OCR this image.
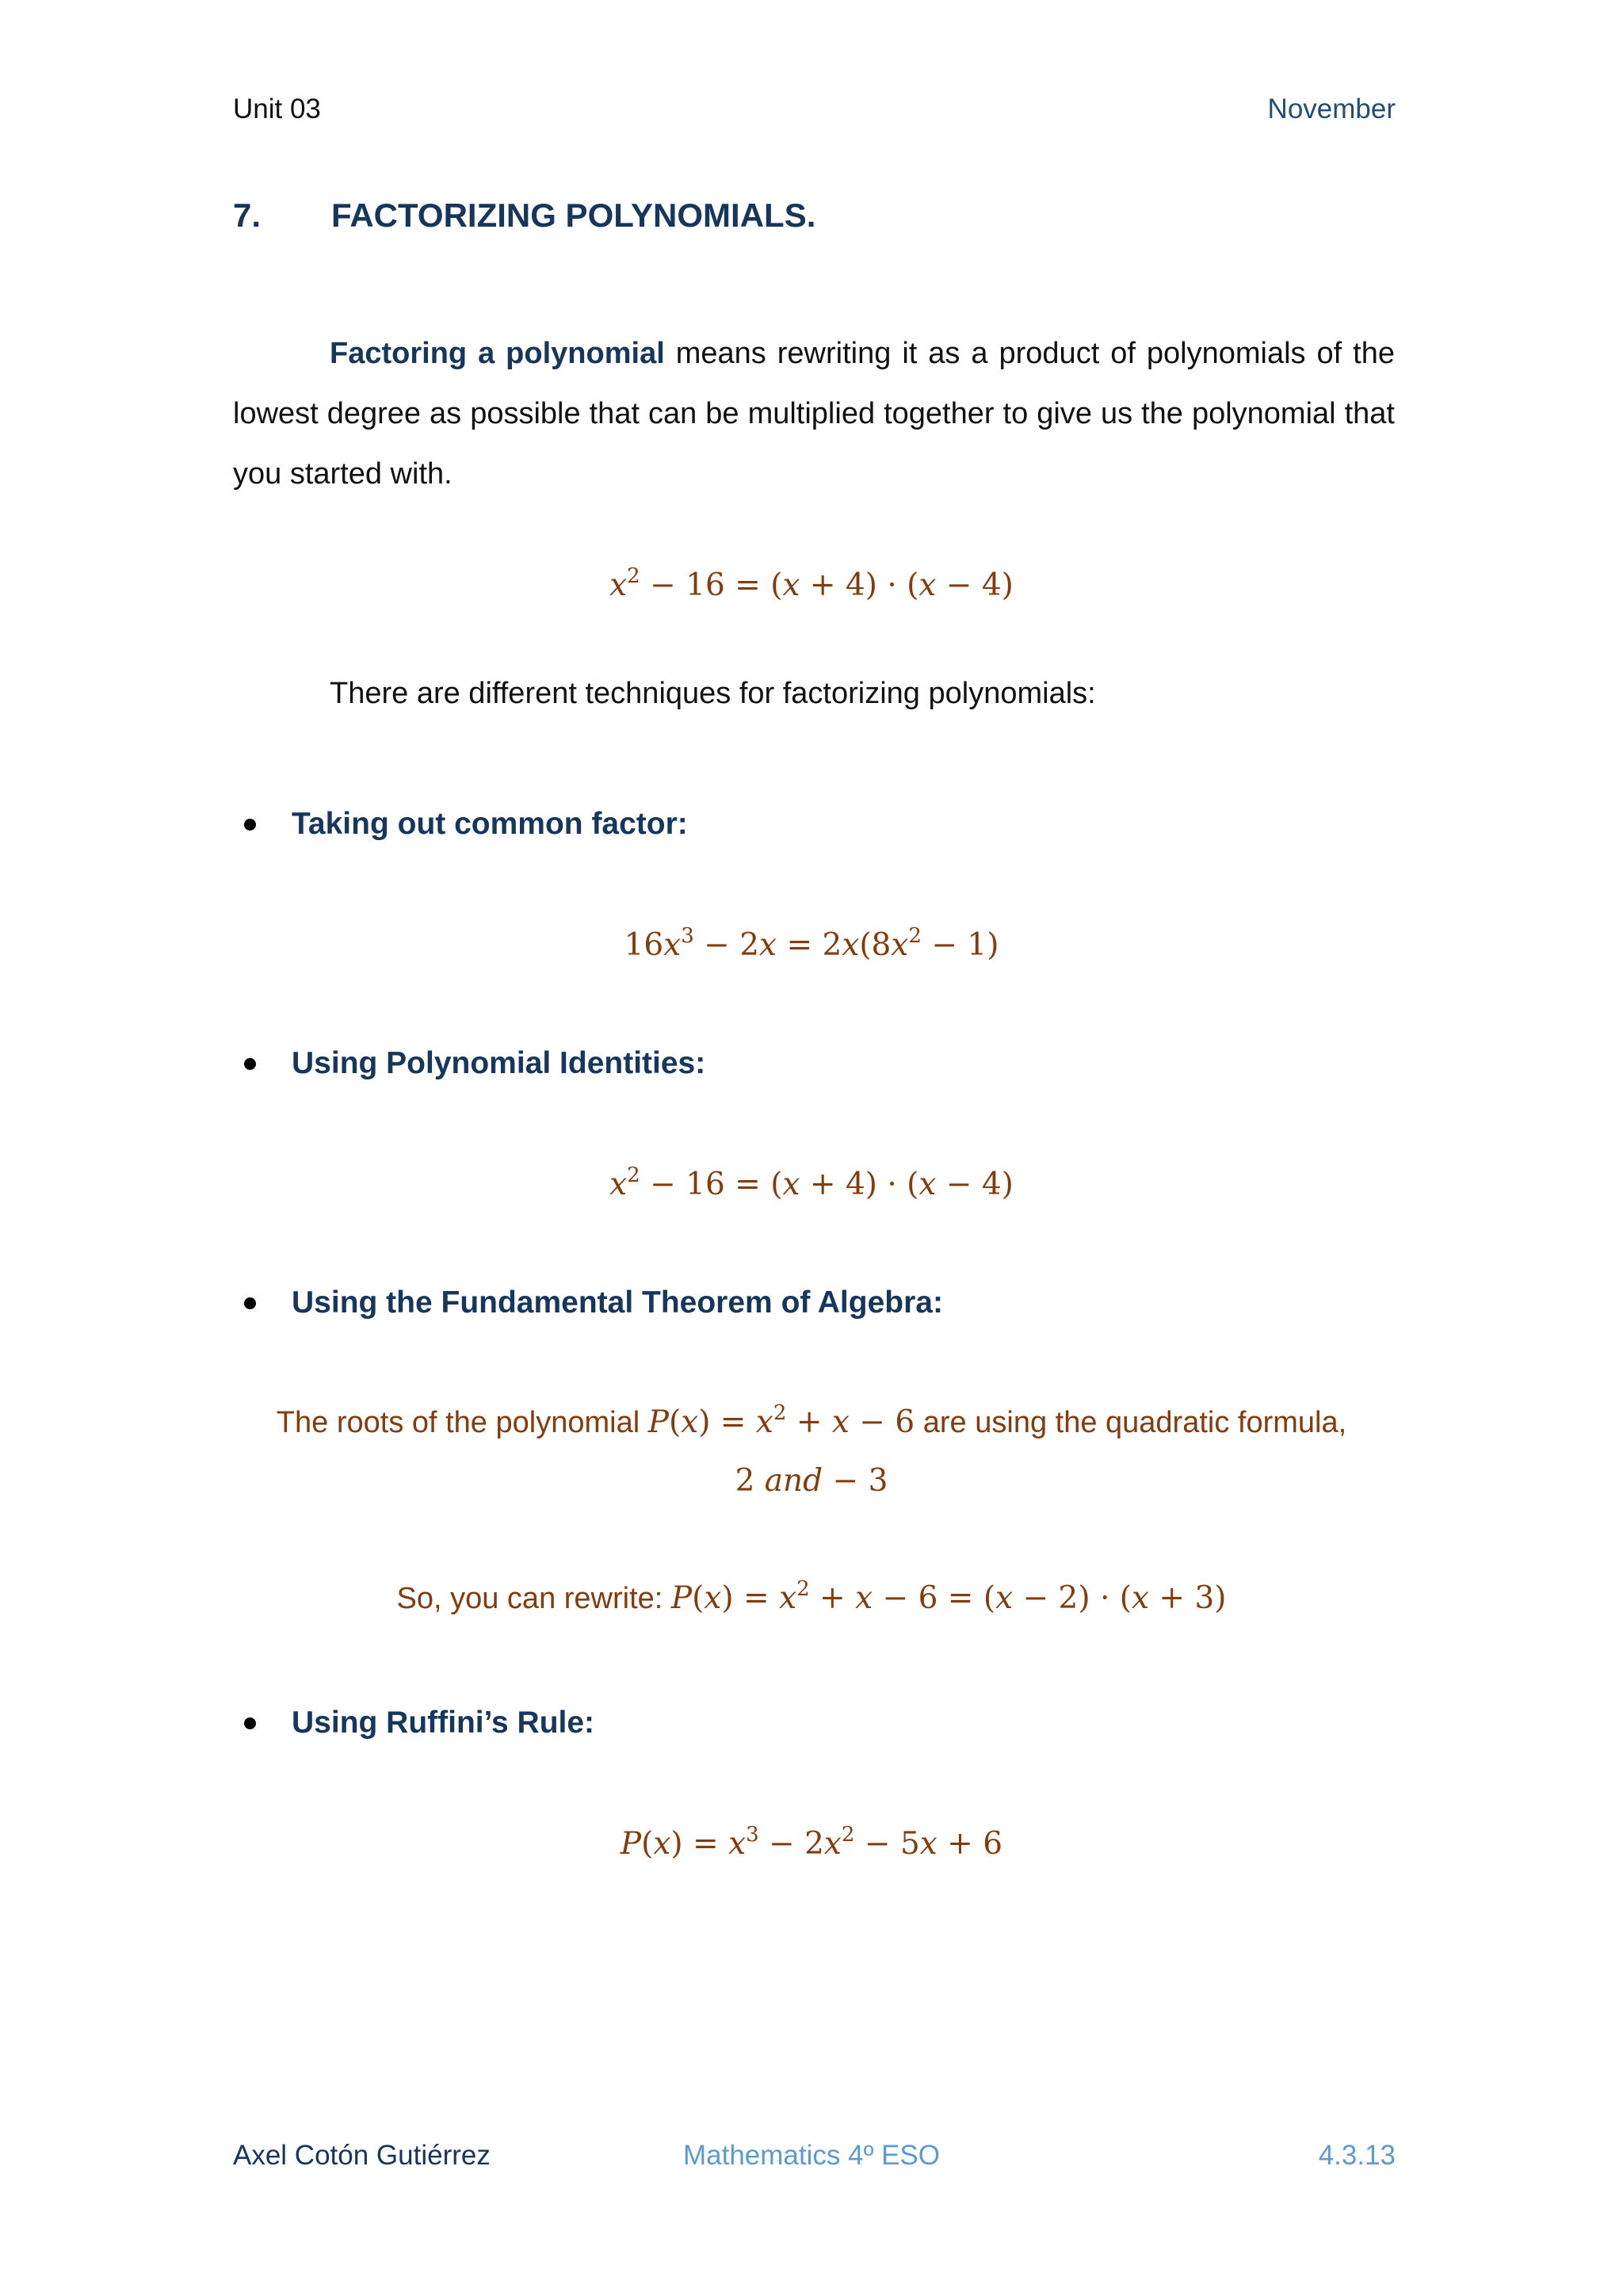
Unit 03	November
7. FACTORIZING POLYNOMIALS.
Factoring a polynomial means rewriting it as a product of polynomials of the lowest degree as possible that can be multiplied together to give us the polynomial that you started with.
$x^2 - 16 = (x + 4) \cdot (x - 4)$
There are different techniques for factorizing polynomials:
Taking out common factor:
$16x^3 - 2x = 2x(8x^2 - 1)$
Using Polynomial Identities:
$x^2 - 16 = (x + 4) \cdot (x - 4)$
Using the Fundamental Theorem of Algebra:
The roots of the polynomial $P(x) = x^2 + x - 6$ are using the quadratic formula,
2 and − 3
So, you can rewrite: $P(x) = x^2 + x - 6 = (x - 2) \cdot (x + 3)$
Using Ruffini’s Rule:
$P(x) = x^3 - 2x^2 - 5x + 6$
Axel Cotón Gutiérrez	Mathematics 4º ESO	4.3.13
